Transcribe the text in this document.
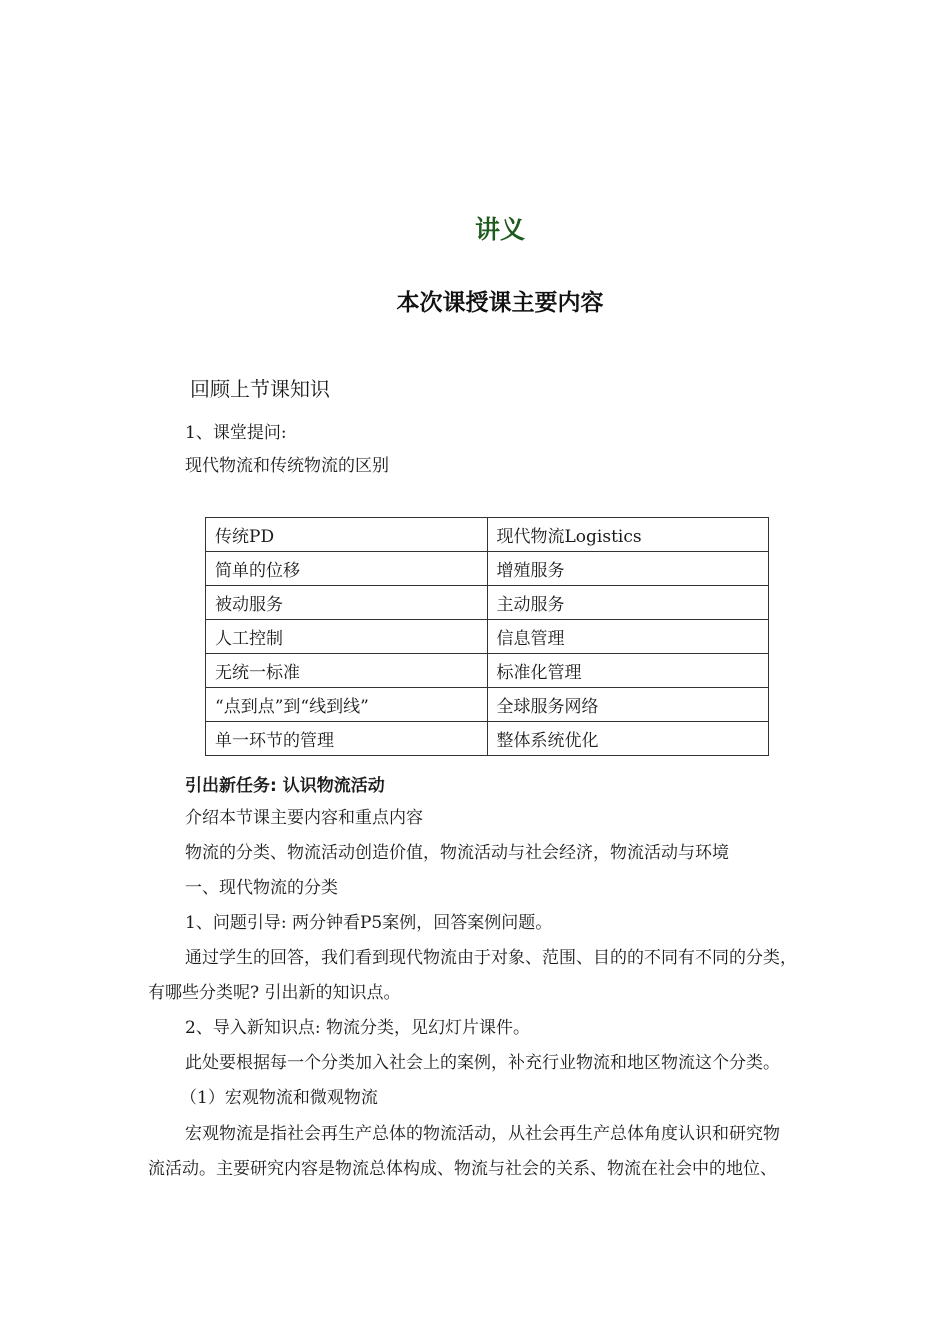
讲义
本次课授课主要内容
回顾上节课知识
1、课堂提问:
现代物流和传统物流的区别
传统PD	现代物流Logistics
简单的位移	增殖服务
被动服务	主动服务
人工控制	信息管理
无统一标准	标准化管理
“点到点”到“线到线”	全球服务网络
单一环节的管理	整体系统优化
引出新任务: 认识物流活动
介绍本节课主要内容和重点内容
物流的分类、物流活动创造价值，物流活动与社会经济，物流活动与环境
一、现代物流的分类
1、问题引导: 两分钟看P5案例，回答案例问题。
通过学生的回答，我们看到现代物流由于对象、范围、目的的不同有不同的分类，
有哪些分类呢? 引出新的知识点。
2、导入新知识点: 物流分类，见幻灯片课件。
此处要根据每一个分类加入社会上的案例，补充行业物流和地区物流这个分类。
（1）宏观物流和微观物流
宏观物流是指社会再生产总体的物流活动，从社会再生产总体角度认识和研究物
流活动。主要研究内容是物流总体构成、物流与社会的关系、物流在社会中的地位、
